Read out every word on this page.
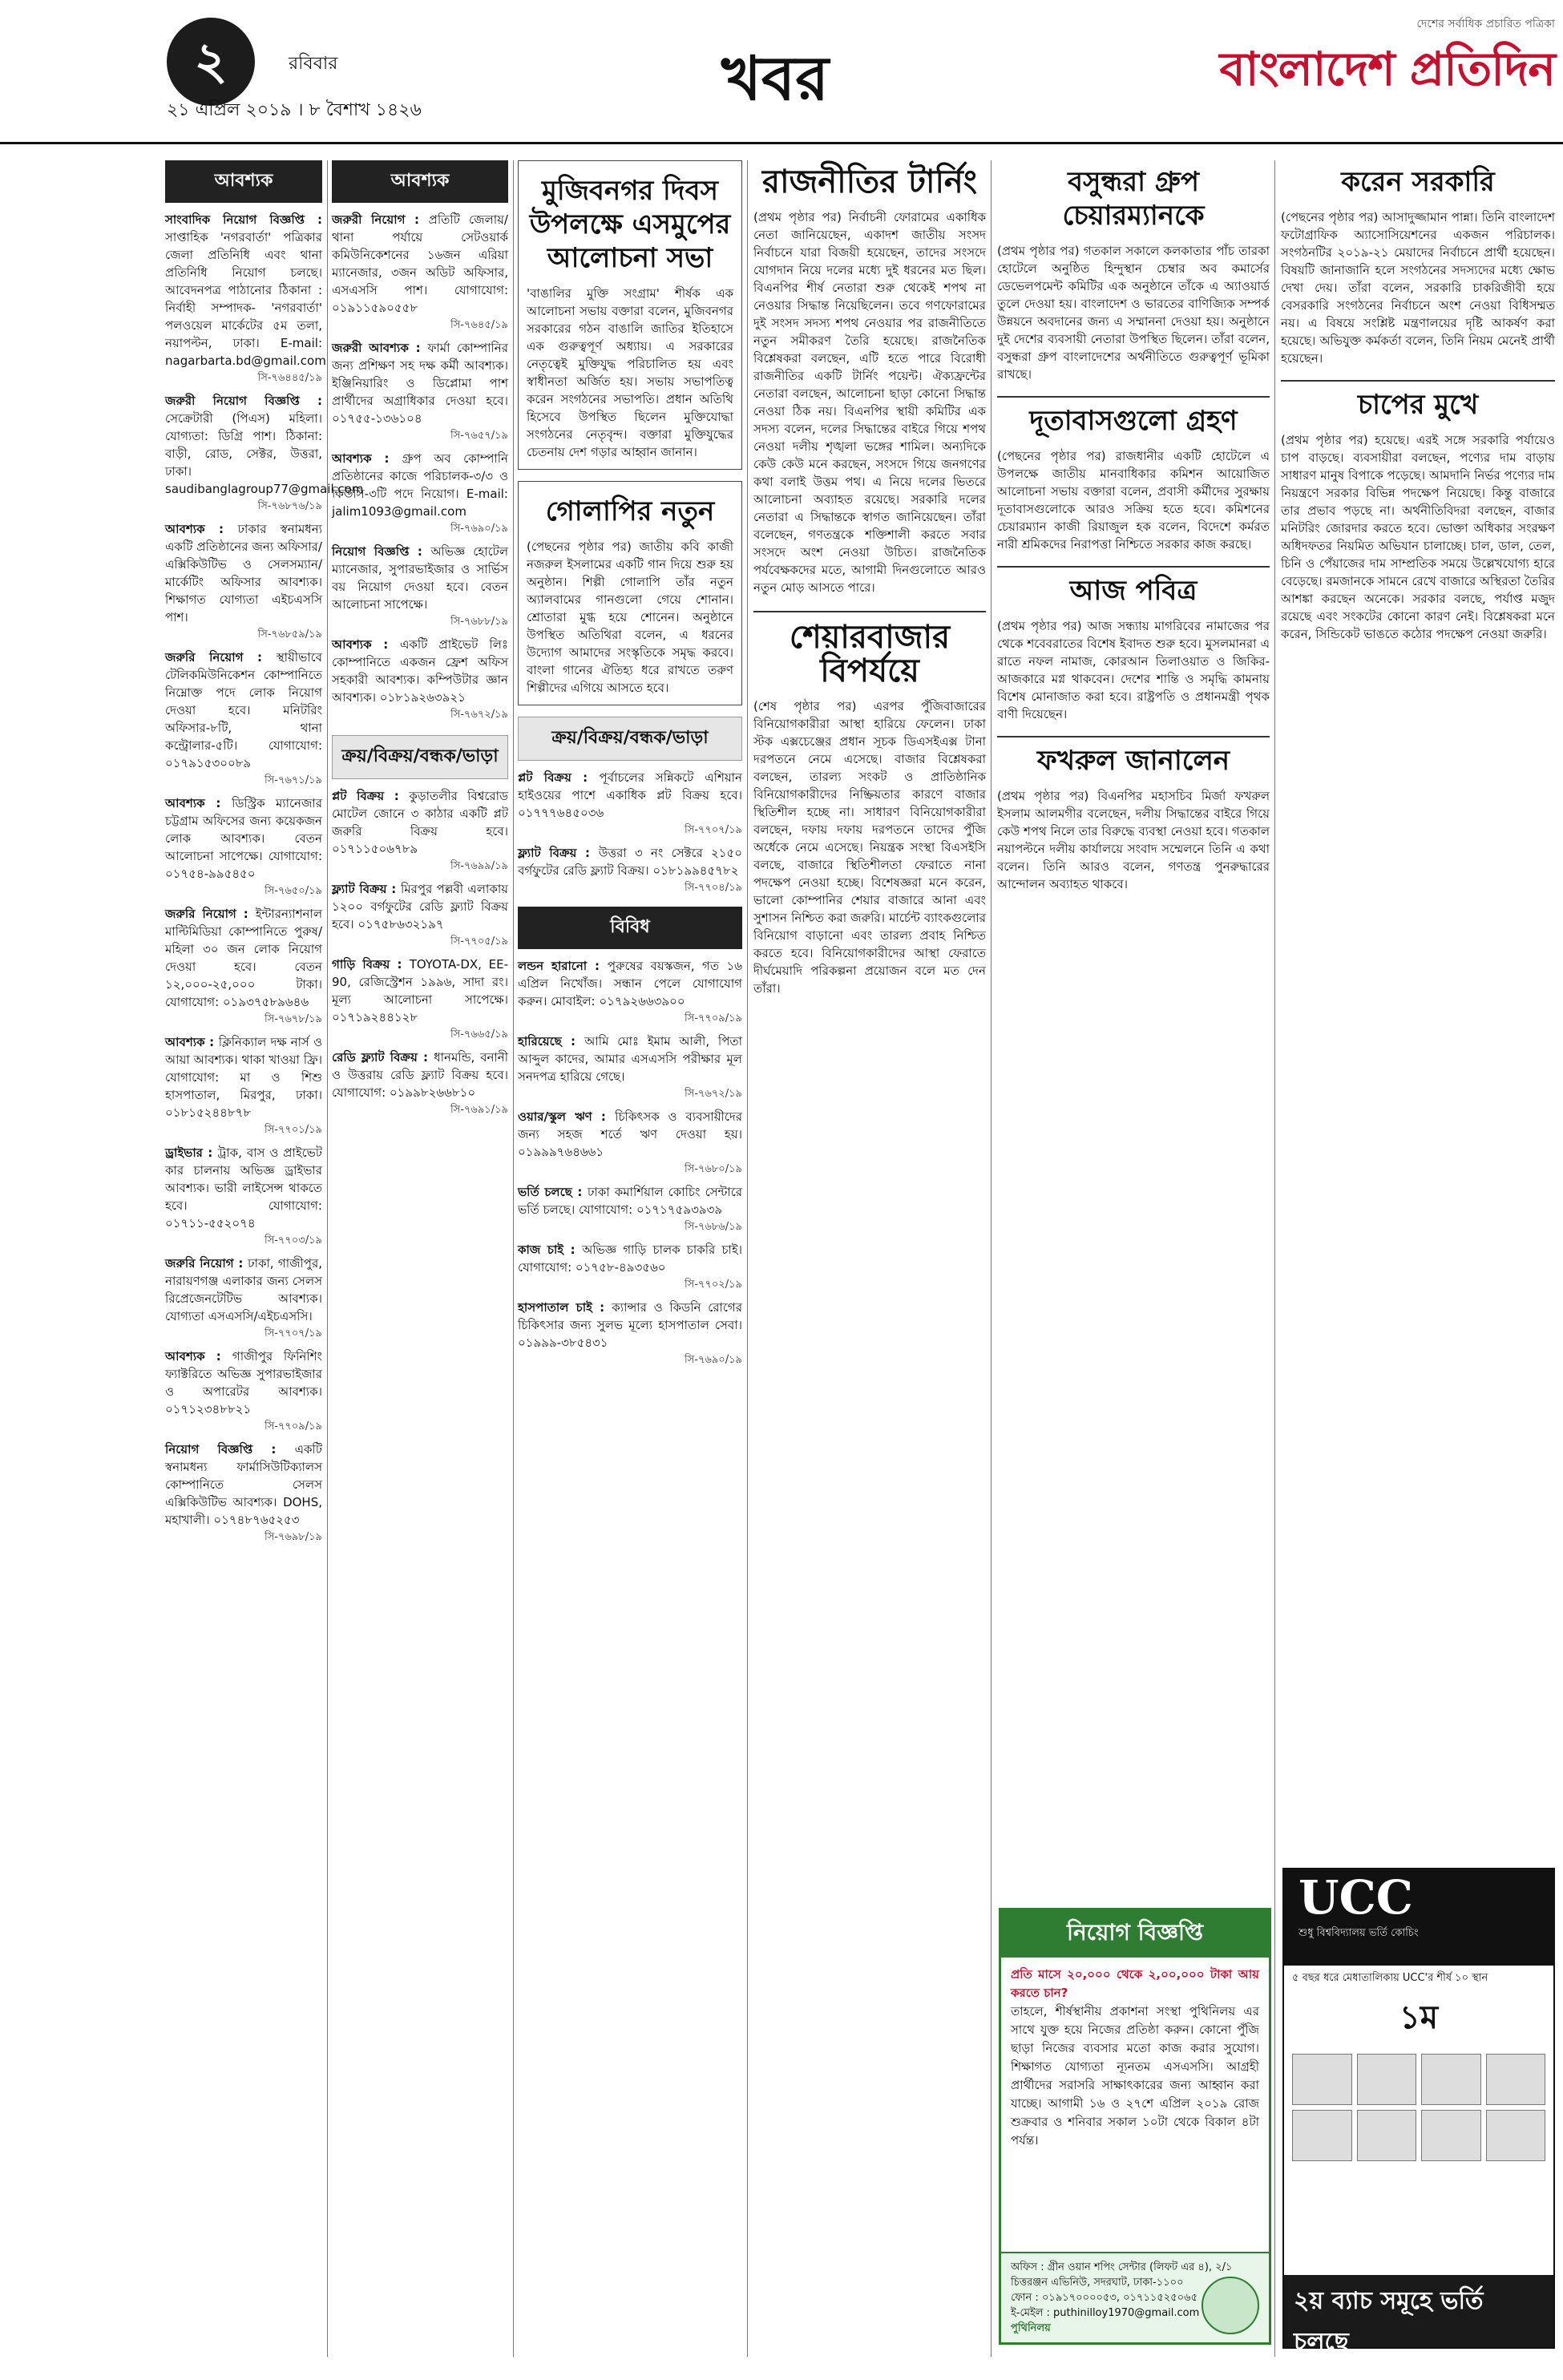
২	রবিবার
২১ এপ্রিল ২০১৯ । ৮ বৈশাখ ১৪২৬	খবর
দেশের সর্বাধিক প্রচারিত পত্রিকা
বাংলাদেশ প্রতিদিন
আবশ্যক
সাংবাদিক নিয়োগ বিজ্ঞপ্তি : সাপ্তাহিক 'নগরবার্তা' পত্রিকার জেলা প্রতিনিধি এবং থানা প্রতিনিধি নিয়োগ চলছে। আবেদনপত্র পাঠানোর ঠিকানা : নির্বাহী সম্পাদক- 'নগরবার্তা' পলওয়েল মার্কেটের ৫ম তলা, নয়াপল্টন, ঢাকা। E-mail: nagarbarta.bd@gmail.com
সি-৭৬৪৪৫/১৯
জরুরী নিয়োগ বিজ্ঞপ্তি : সেক্রেটারী (পিএস) মহিলা। যোগ্যতা: ডিগ্রি পাশ। ঠিকানা: বাড়ী, রোড, সেক্টর, উত্তরা, ঢাকা। saudibanglagroup77@gmail.com
সি-৭৬৮৭৬/১৯
আবশ্যক : ঢাকার স্বনামধন্য একটি প্রতিষ্ঠানের জন্য অফিসার/এক্সিকিউটিভ ও সেলসম্যান/মার্কেটিং অফিসার আবশ্যক। শিক্ষাগত যোগ্যতা এইচএসসি পাশ।
সি-৭৬৮৫৯/১৯
জরুরি নিয়োগ : স্থায়ীভাবে টেলিকমিউনিকেশন কোম্পানিতে নিম্নোক্ত পদে লোক নিয়োগ দেওয়া হবে। মনিটরিং অফিসার-৮টি, থানা কন্ট্রোলার-৫টি। যোগাযোগ: ০১৭৯১৫৩০০৮৯
সি-৭৬৭১/১৯
আবশ্যক : ডিস্ট্রিক ম্যানেজার চট্টগ্রাম অফিসের জন্য কয়েকজন লোক আবশ্যক। বেতন আলোচনা সাপেক্ষে। যোগাযোগ: ০১৭৫৪-৯৯৫৪৫০
সি-৭৬৫০/১৯
জরুরি নিয়োগ : ইন্টারন্যাশনাল মাল্টিমিডিয়া কোম্পানিতে পুরুষ/মহিলা ৩০ জন লোক নিয়োগ দেওয়া হবে। বেতন ১২,০০০-২৫,০০০ টাকা। যোগাযোগ: ০১৯৩৭৫৮৯৬৪৬
সি-৭৬৭৮/১৯
আবশ্যক : ক্লিনিক্যাল দক্ষ নার্স ও আয়া আবশ্যক। থাকা খাওয়া ফ্রি। যোগাযোগ: মা ও শিশু হাসপাতাল, মিরপুর, ঢাকা। ০১৮১৫২৪৪৮৭৮
সি-৭৭০১/১৯
ড্রাইভার : ট্রাক, বাস ও প্রাইভেট কার চালনায় অভিজ্ঞ ড্রাইভার আবশ্যক। ভারী লাইসেন্স থাকতে হবে। যোগাযোগ: ০১৭১১-৫৫২০৭৪
সি-৭৭০৩/১৯
জরুরি নিয়োগ : ঢাকা, গাজীপুর, নারায়ণগঞ্জ এলাকার জন্য সেলস রিপ্রেজেনটেটিভ আবশ্যক। যোগ্যতা এসএসসি/এইচএসসি।
সি-৭৭০৭/১৯
আবশ্যক : গাজীপুর ফিনিশিং ফ্যাক্টরিতে অভিজ্ঞ সুপারভাইজার ও অপারেটর আবশ্যক। ০১৭১২৩৪৮৮২১
সি-৭৭০৯/১৯
নিয়োগ বিজ্ঞপ্তি : একটি স্বনামধন্য ফার্মাসিউটিক্যালস কোম্পানিতে সেলস এক্সিকিউটিভ আবশ্যক। DOHS, মহাখালী। ০১৭৪৮৭৬৫২৫৩
সি-৭৬৯৮/১৯
আবশ্যক
জরুরী নিয়োগ : প্রতিটি জেলায়/থানা পর্যায়ে সেটওয়ার্ক কমিউনিকেশনের ১৬জন এরিয়া ম্যানেজার, ৩জন অডিট অফিসার, এসএসসি পাশ। যোগাযোগ: ০১৯১১৫৯০৫৫৮
সি-৭৬৪৫/১৯
জরুরী আবশ্যক : ফার্মা কোম্পানির জন্য প্রশিক্ষণ সহ দক্ষ কর্মী আবশ্যক। ইঞ্জিনিয়ারিং ও ডিপ্লোমা পাশ প্রার্থীদের অগ্রাধিকার দেওয়া হবে। ০১৭৫৫-১৩৬১০৪
সি-৭৬৫৭/১৯
আবশ্যক : গ্রুপ অব কোম্পানি প্রতিষ্ঠানের কাজে পরিচালক-৩/৩ ও কিউসি-৩টি পদে নিয়োগ। E-mail: jalim1093@gmail.com
সি-৭৬৯০/১৯
নিয়োগ বিজ্ঞপ্তি : অভিজ্ঞ হোটেল ম্যানেজার, সুপারভাইজার ও সার্ভিস বয় নিয়োগ দেওয়া হবে। বেতন আলোচনা সাপেক্ষে।
সি-৭৬৮৮/১৯
আবশ্যক : একটি প্রাইভেট লিঃ কোম্পানিতে একজন ফ্রেশ অফিস সহকারী আবশ্যক। কম্পিউটার জ্ঞান আবশ্যক। ০১৮১৯২৬৩৯২১
সি-৭৬৭২/১৯
ক্রয়/বিক্রয়/বন্ধক/ভাড়া
প্লট বিক্রয় : কুড়াতলীর বিশ্বরোড মোটেল জোনে ৩ কাঠার একটি প্লট জরুরি বিক্রয় হবে। ০১৭১১৫০৬৭৮৯
সি-৭৬৯৯/১৯
ফ্ল্যাট বিক্রয় : মিরপুর পল্লবী এলাকায় ১২০০ বর্গফুটের রেডি ফ্ল্যাট বিক্রয় হবে। ০১৭৫৮৬৩২১৯৭
সি-৭৭০৫/১৯
গাড়ি বিক্রয় : TOYOTA-DX, EE-90, রেজিস্ট্রেশন ১৯৯৬, সাদা রং। মূল্য আলোচনা সাপেক্ষে। ০১৭১৯২৪৪১২৮
সি-৭৬৬৫/১৯
রেডি ফ্ল্যাট বিক্রয় : ধানমন্ডি, বনানী ও উত্তরায় রেডি ফ্ল্যাট বিক্রয় হবে। যোগাযোগ: ০১৯৯৮২৬৬৮১০
সি-৭৬৯১/১৯
মুজিবনগর দিবস উপলক্ষে এসমুপের আলোচনা সভা
'বাঙালির মুক্তি সংগ্রাম' শীর্ষক এক আলোচনা সভায় বক্তারা বলেন, মুজিবনগর সরকারের গঠন বাঙালি জাতির ইতিহাসে এক গুরুত্বপূর্ণ অধ্যায়। এ সরকারের নেতৃত্বেই মুক্তিযুদ্ধ পরিচালিত হয় এবং স্বাধীনতা অর্জিত হয়। সভায় সভাপতিত্ব করেন সংগঠনের সভাপতি। প্রধান অতিথি হিসেবে উপস্থিত ছিলেন মুক্তিযোদ্ধা সংগঠনের নেতৃবৃন্দ। বক্তারা মুক্তিযুদ্ধের চেতনায় দেশ গড়ার আহ্বান জানান।
গোলাপির নতুন
(পেছনের পৃষ্ঠার পর) জাতীয় কবি কাজী নজরুল ইসলামের একটি গান দিয়ে শুরু হয় অনুষ্ঠান। শিল্পী গোলাপি তাঁর নতুন অ্যালবামের গানগুলো গেয়ে শোনান। শ্রোতারা মুগ্ধ হয়ে শোনেন। অনুষ্ঠানে উপস্থিত অতিথিরা বলেন, এ ধরনের উদ্যোগ আমাদের সংস্কৃতিকে সমৃদ্ধ করবে। বাংলা গানের ঐতিহ্য ধরে রাখতে তরুণ শিল্পীদের এগিয়ে আসতে হবে।
ক্রয়/বিক্রয়/বন্ধক/ভাড়া
প্লট বিক্রয় : পূর্বাচলের সন্নিকটে এশিয়ান হাইওয়ের পাশে একাধিক প্লট বিক্রয় হবে। ০১৭৭৭৬৪৫০৩৬
সি-৭৭০৭/১৯
ফ্ল্যাট বিক্রয় : উত্তরা ৩ নং সেক্টরে ২১৫০ বর্গফুটের রেডি ফ্ল্যাট বিক্রয়। ০১৮১৯৯৪৫৭৮২
সি-৭৭০৪/১৯
বিবিধ
লন্ডন হারানো : পুরুষের বয়স্কজন, গত ১৬ এপ্রিল নিখোঁজ। সন্ধান পেলে যোগাযোগ করুন। মোবাইল: ০১৭৯২৬৬৩৯০০
সি-৭৭০৯/১৯
হারিয়েছে : আমি মোঃ ইমাম আলী, পিতা আব্দুল কাদের, আমার এসএসসি পরীক্ষার মূল সনদপত্র হারিয়ে গেছে।
সি-৭৬৭২/১৯
ওয়ার/স্কুল ঋণ : চিকিৎসক ও ব্যবসায়ীদের জন্য সহজ শর্তে ঋণ দেওয়া হয়। ০১৯৯৯৭৬৪৬৬১
সি-৭৬৮০/১৯
ভর্তি চলছে : ঢাকা কমার্শিয়াল কোচিং সেন্টারে ভর্তি চলছে। যোগাযোগ: ০১৭১৭৫৯৩৯৩৯
সি-৭৬৮৬/১৯
কাজ চাই : অভিজ্ঞ গাড়ি চালক চাকরি চাই। যোগাযোগ: ০১৭৫৮-৪৯৩৫৬০
সি-৭৭০২/১৯
হাসপাতাল চাই : ক্যান্সার ও কিডনি রোগের চিকিৎসার জন্য সুলভ মূল্যে হাসপাতাল সেবা। ০১৯৯৯-৩৮৫৪৩১
সি-৭৬৯০/১৯
রাজনীতির টার্নিং
(প্রথম পৃষ্ঠার পর) নির্বাচনী ফোরামের একাধিক নেতা জানিয়েছেন, একাদশ জাতীয় সংসদ নির্বাচনে যারা বিজয়ী হয়েছেন, তাদের সংসদে যোগদান নিয়ে দলের মধ্যে দুই ধরনের মত ছিল। বিএনপির শীর্ষ নেতারা শুরু থেকেই শপথ না নেওয়ার সিদ্ধান্ত নিয়েছিলেন। তবে গণফোরামের দুই সংসদ সদস্য শপথ নেওয়ার পর রাজনীতিতে নতুন সমীকরণ তৈরি হয়েছে। রাজনৈতিক বিশ্লেষকরা বলছেন, এটি হতে পারে বিরোধী রাজনীতির একটি টার্নিং পয়েন্ট। ঐক্যফ্রন্টের নেতারা বলছেন, আলোচনা ছাড়া কোনো সিদ্ধান্ত নেওয়া ঠিক নয়। বিএনপির স্থায়ী কমিটির এক সদস্য বলেন, দলের সিদ্ধান্তের বাইরে গিয়ে শপথ নেওয়া দলীয় শৃঙ্খলা ভঙ্গের শামিল। অন্যদিকে কেউ কেউ মনে করছেন, সংসদে গিয়ে জনগণের কথা বলাই উত্তম পথ। এ নিয়ে দলের ভিতরে আলোচনা অব্যাহত রয়েছে। সরকারি দলের নেতারা এ সিদ্ধান্তকে স্বাগত জানিয়েছেন। তাঁরা বলেছেন, গণতন্ত্রকে শক্তিশালী করতে সবার সংসদে অংশ নেওয়া উচিত। রাজনৈতিক পর্যবেক্ষকদের মতে, আগামী দিনগুলোতে আরও নতুন মোড় আসতে পারে।
শেয়ারবাজার বিপর্যয়ে
(শেষ পৃষ্ঠার পর) এরপর পুঁজিবাজারের বিনিয়োগকারীরা আস্থা হারিয়ে ফেলেন। ঢাকা স্টক এক্সচেঞ্জের প্রধান সূচক ডিএসইএক্স টানা দরপতনে নেমে এসেছে। বাজার বিশ্লেষকরা বলছেন, তারল্য সংকট ও প্রাতিষ্ঠানিক বিনিয়োগকারীদের নিষ্ক্রিয়তার কারণে বাজার স্থিতিশীল হচ্ছে না। সাধারণ বিনিয়োগকারীরা বলছেন, দফায় দফায় দরপতনে তাদের পুঁজি অর্ধেকে নেমে এসেছে। নিয়ন্ত্রক সংস্থা বিএসইসি বলছে, বাজারে স্থিতিশীলতা ফেরাতে নানা পদক্ষেপ নেওয়া হচ্ছে। বিশেষজ্ঞরা মনে করেন, ভালো কোম্পানির শেয়ার বাজারে আনা এবং সুশাসন নিশ্চিত করা জরুরি। মার্চেন্ট ব্যাংকগুলোর বিনিয়োগ বাড়ানো এবং তারল্য প্রবাহ নিশ্চিত করতে হবে। বিনিয়োগকারীদের আস্থা ফেরাতে দীর্ঘমেয়াদি পরিকল্পনা প্রয়োজন বলে মত দেন তাঁরা।
বসুন্ধরা গ্রুপ চেয়ারম্যানকে
(প্রথম পৃষ্ঠার পর) গতকাল সকালে কলকাতার পাঁচ তারকা হোটেলে অনুষ্ঠিত হিন্দুস্থান চেম্বার অব কমার্সের ডেভেলপমেন্ট কমিটির এক অনুষ্ঠানে তাঁকে এ অ্যাওয়ার্ড তুলে দেওয়া হয়। বাংলাদেশ ও ভারতের বাণিজ্যিক সম্পর্ক উন্নয়নে অবদানের জন্য এ সম্মাননা দেওয়া হয়। অনুষ্ঠানে দুই দেশের ব্যবসায়ী নেতারা উপস্থিত ছিলেন। তাঁরা বলেন, বসুন্ধরা গ্রুপ বাংলাদেশের অর্থনীতিতে গুরুত্বপূর্ণ ভূমিকা রাখছে।
দূতাবাসগুলো গ্রহণ
(পেছনের পৃষ্ঠার পর) রাজধানীর একটি হোটেলে এ উপলক্ষে জাতীয় মানবাধিকার কমিশন আয়োজিত আলোচনা সভায় বক্তারা বলেন, প্রবাসী কর্মীদের সুরক্ষায় দূতাবাসগুলোকে আরও সক্রিয় হতে হবে। কমিশনের চেয়ারম্যান কাজী রিয়াজুল হক বলেন, বিদেশে কর্মরত নারী শ্রমিকদের নিরাপত্তা নিশ্চিতে সরকার কাজ করছে।
আজ পবিত্র
(প্রথম পৃষ্ঠার পর) আজ সন্ধ্যায় মাগরিবের নামাজের পর থেকে শবেবরাতের বিশেষ ইবাদত শুরু হবে। মুসলমানরা এ রাতে নফল নামাজ, কোরআন তিলাওয়াত ও জিকির-আজকারে মগ্ন থাকবেন। দেশের শান্তি ও সমৃদ্ধি কামনায় বিশেষ মোনাজাত করা হবে। রাষ্ট্রপতি ও প্রধানমন্ত্রী পৃথক বাণী দিয়েছেন।
ফখরুল জানালেন
(প্রথম পৃষ্ঠার পর) বিএনপির মহাসচিব মির্জা ফখরুল ইসলাম আলমগীর বলেছেন, দলীয় সিদ্ধান্তের বাইরে গিয়ে কেউ শপথ নিলে তার বিরুদ্ধে ব্যবস্থা নেওয়া হবে। গতকাল নয়াপল্টনে দলীয় কার্যালয়ে সংবাদ সম্মেলনে তিনি এ কথা বলেন। তিনি আরও বলেন, গণতন্ত্র পুনরুদ্ধারের আন্দোলন অব্যাহত থাকবে।
করেন সরকারি
(পেছনের পৃষ্ঠার পর) আসাদুজ্জামান পান্না। তিনি বাংলাদেশ ফটোগ্রাফিক অ্যাসোসিয়েশনের একজন পরিচালক। সংগঠনটির ২০১৯-২১ মেয়াদের নির্বাচনে প্রার্থী হয়েছেন। বিষয়টি জানাজানি হলে সংগঠনের সদস্যদের মধ্যে ক্ষোভ দেখা দেয়। তাঁরা বলেন, সরকারি চাকরিজীবী হয়ে বেসরকারি সংগঠনের নির্বাচনে অংশ নেওয়া বিধিসম্মত নয়। এ বিষয়ে সংশ্লিষ্ট মন্ত্রণালয়ের দৃষ্টি আকর্ষণ করা হয়েছে। অভিযুক্ত কর্মকর্তা বলেন, তিনি নিয়ম মেনেই প্রার্থী হয়েছেন।
চাপের মুখে
(প্রথম পৃষ্ঠার পর) হয়েছে। এরই সঙ্গে সরকারি পর্যায়েও চাপ বাড়ছে। ব্যবসায়ীরা বলছেন, পণ্যের দাম বাড়ায় সাধারণ মানুষ বিপাকে পড়েছে। আমদানি নির্ভর পণ্যের দাম নিয়ন্ত্রণে সরকার বিভিন্ন পদক্ষেপ নিয়েছে। কিন্তু বাজারে তার প্রভাব পড়ছে না। অর্থনীতিবিদরা বলছেন, বাজার মনিটরিং জোরদার করতে হবে। ভোক্তা অধিকার সংরক্ষণ অধিদফতর নিয়মিত অভিযান চালাচ্ছে। চাল, ডাল, তেল, চিনি ও পেঁয়াজের দাম সাম্প্রতিক সময়ে উল্লেখযোগ্য হারে বেড়েছে। রমজানকে সামনে রেখে বাজারে অস্থিরতা তৈরির আশঙ্কা করছেন অনেকে। সরকার বলছে, পর্যাপ্ত মজুদ রয়েছে এবং সংকটের কোনো কারণ নেই। বিশ্লেষকরা মনে করেন, সিন্ডিকেট ভাঙতে কঠোর পদক্ষেপ নেওয়া জরুরি।
নিয়োগ বিজ্ঞপ্তি
প্রতি মাসে ২০,০০০ থেকে ২,০০,০০০ টাকা আয় করতে চান?
তাহলে, শীর্ষস্থানীয় প্রকাশনা সংস্থা পুথিনিলয় এর সাথে যুক্ত হয়ে নিজের প্রতিষ্ঠা করুন। কোনো পুঁজি ছাড়া নিজের ব্যবসার মতো কাজ করার সুযোগ। শিক্ষাগত যোগ্যতা ন্যূনতম এসএসসি। আগ্রহী প্রার্থীদের সরাসরি সাক্ষাৎকারের জন্য আহ্বান করা যাচ্ছে। আগামী ১৬ ও ২৭শে এপ্রিল ২০১৯ রোজ শুক্রবার ও শনিবার সকাল ১০টা থেকে বিকাল ৪টা পর্যন্ত।
অফিস : গ্রীন ওয়ান শপিং সেন্টার (লিফট এর ৪), ২/১ চিত্তরঞ্জন এভিনিউ, সদরঘাট, ঢাকা-১১০০
ফোন : ০১৯১৭০০০০৫৩, ০১৭১১৫২৫০৬৫
ই-মেইল : puthinilloy1970@gmail.com
পুথিনিলয়
UCC
শুধু বিশ্ববিদ্যালয় ভর্তি কোচিং
৫ বছর ধরে মেধাতালিকায় UCC'র শীর্ষ ১০ স্থান
১ম
২য় ব্যাচ সমূহে ভর্তি চলছে
হটলাইন: ০১৮৪৭০৬৬৩৬২-৭১
